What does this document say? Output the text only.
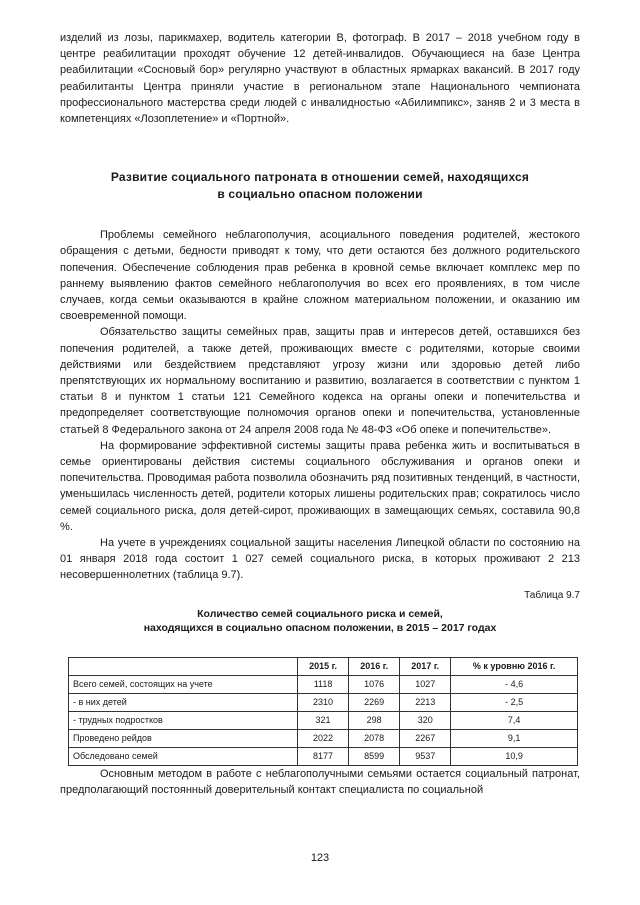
изделий из лозы, парикмахер, водитель категории В, фотограф. В 2017 – 2018 учебном году в центре реабилитации проходят обучение 12 детей-инвалидов. Обучающиеся на базе Центра реабилитации «Сосновый бор» регулярно участвуют в областных ярмарках вакансий. В 2017 году реабилитанты Центра приняли участие в региональном этапе Национального чемпионата профессионального мастерства среди людей с инвалидностью «Абилимпикс», заняв 2 и 3 места в компетенциях «Лозоплетение» и «Портной».

Развитие социального патроната в отношении семей, находящихся
в социально опасном положении

Проблемы семейного неблагополучия, асоциального поведения родителей, жестокого обращения с детьми, бедности приводят к тому, что дети остаются без должного родительского попечения. Обеспечение соблюдения прав ребенка в кровной семье включает комплекс мер по раннему выявлению фактов семейного неблагополучия во всех его проявлениях, в том числе случаев, когда семьи оказываются в крайне сложном материальном положении, и оказанию им своевременной помощи.

Обязательство защиты семейных прав, защиты прав и интересов детей, оставшихся без попечения родителей, а также детей, проживающих вместе с родителями, которые своими действиями или бездействием представляют угрозу жизни или здоровью детей либо препятствующих их нормальному воспитанию и развитию, возлагается в соответствии с пунктом 1 статьи 8 и пунктом 1 статьи 121 Семейного кодекса на органы опеки и попечительства и предопределяет соответствующие полномочия органов опеки и попечительства, установленные статьей 8 Федерального закона от 24 апреля 2008 года № 48-ФЗ «Об опеке и попечительстве».

На формирование эффективной системы защиты права ребенка жить и воспитываться в семье ориентированы действия системы социального обслуживания и органов опеки и попечительства. Проводимая работа позволила обозначить ряд позитивных тенденций, в частности, уменьшилась численность детей, родители которых лишены родительских прав; сократилось число семей социального риска, доля детей-сирот, проживающих в замещающих семьях, составила 90,8 %.

На учете в учреждениях социальной защиты населения Липецкой области по состоянию на 01 января 2018 года состоит 1 027 семей социального риска, в которых проживают 2 213 несовершеннолетних (таблица 9.7).

Таблица 9.7
Количество семей социального риска и семей,
находящихся в социально опасном положении, в 2015 – 2017 годах
	2015 г.	2016 г.	2017 г.	% к уровню 2016 г.
Всего семей, состоящих на учете	1118	1076	1027	- 4,6
- в них детей	2310	2269	2213	- 2,5
- трудных подростков	321	298	320	7,4
Проведено рейдов	2022	2078	2267	9,1
Обследовано семей	8177	8599	9537	10,9

Основным методом в работе с неблагополучными семьями остается социальный патронат, предполагающий постоянный доверительный контакт специалиста по социальной

123
